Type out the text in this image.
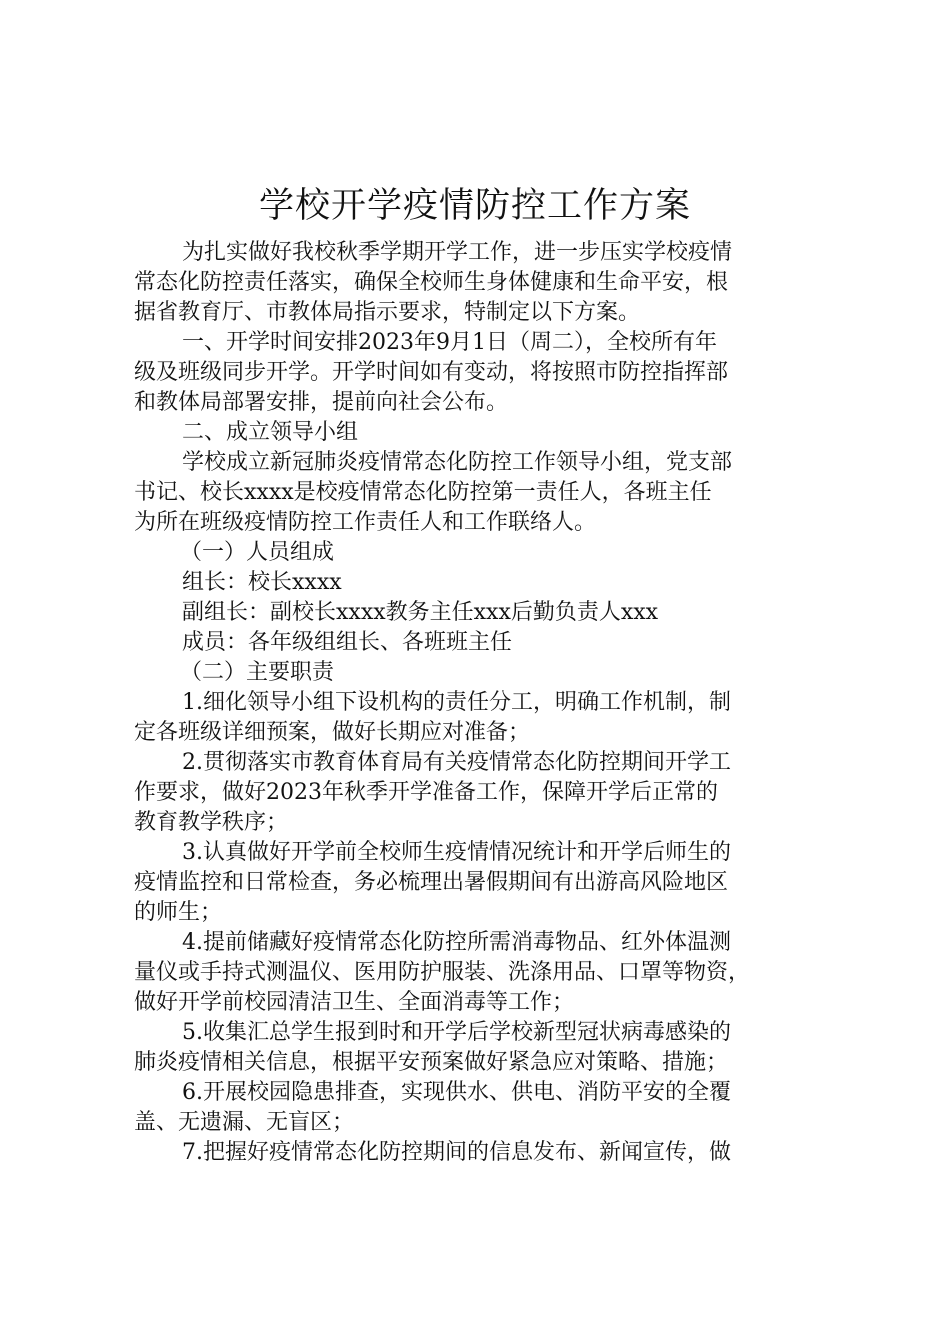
学校开学疫情防控工作方案

为扎实做好我校秋季学期开学工作，进一步压实学校疫情

常态化防控责任落实，确保全校师生身体健康和生命平安，根

据省教育厅、市教体局指示要求，特制定以下方案。

一、开学时间安排2023年9月1日（周二），全校所有年

级及班级同步开学。开学时间如有变动，将按照市防控指挥部

和教体局部署安排，提前向社会公布。

二、成立领导小组

学校成立新冠肺炎疫情常态化防控工作领导小组，党支部

书记、校长xxxx是校疫情常态化防控第一责任人，各班主任

为所在班级疫情防控工作责任人和工作联络人。

（一）人员组成

组长：校长xxxx

副组长：副校长xxxx教务主任xxx后勤负责人xxx

成员：各年级组组长、各班班主任

（二）主要职责

1.细化领导小组下设机构的责任分工，明确工作机制，制

定各班级详细预案，做好长期应对准备；

2.贯彻落实市教育体育局有关疫情常态化防控期间开学工

作要求，做好2023年秋季开学准备工作，保障开学后正常的

教育教学秩序；

3.认真做好开学前全校师生疫情情况统计和开学后师生的

疫情监控和日常检查，务必梳理出暑假期间有出游高风险地区

的师生；

4.提前储藏好疫情常态化防控所需消毒物品、红外体温测

量仪或手持式测温仪、医用防护服装、洗涤用品、口罩等物资，

做好开学前校园清洁卫生、全面消毒等工作；

5.收集汇总学生报到时和开学后学校新型冠状病毒感染的

肺炎疫情相关信息，根据平安预案做好紧急应对策略、措施；

6.开展校园隐患排查，实现供水、供电、消防平安的全覆

盖、无遗漏、无盲区；

7.把握好疫情常态化防控期间的信息发布、新闻宣传，做
